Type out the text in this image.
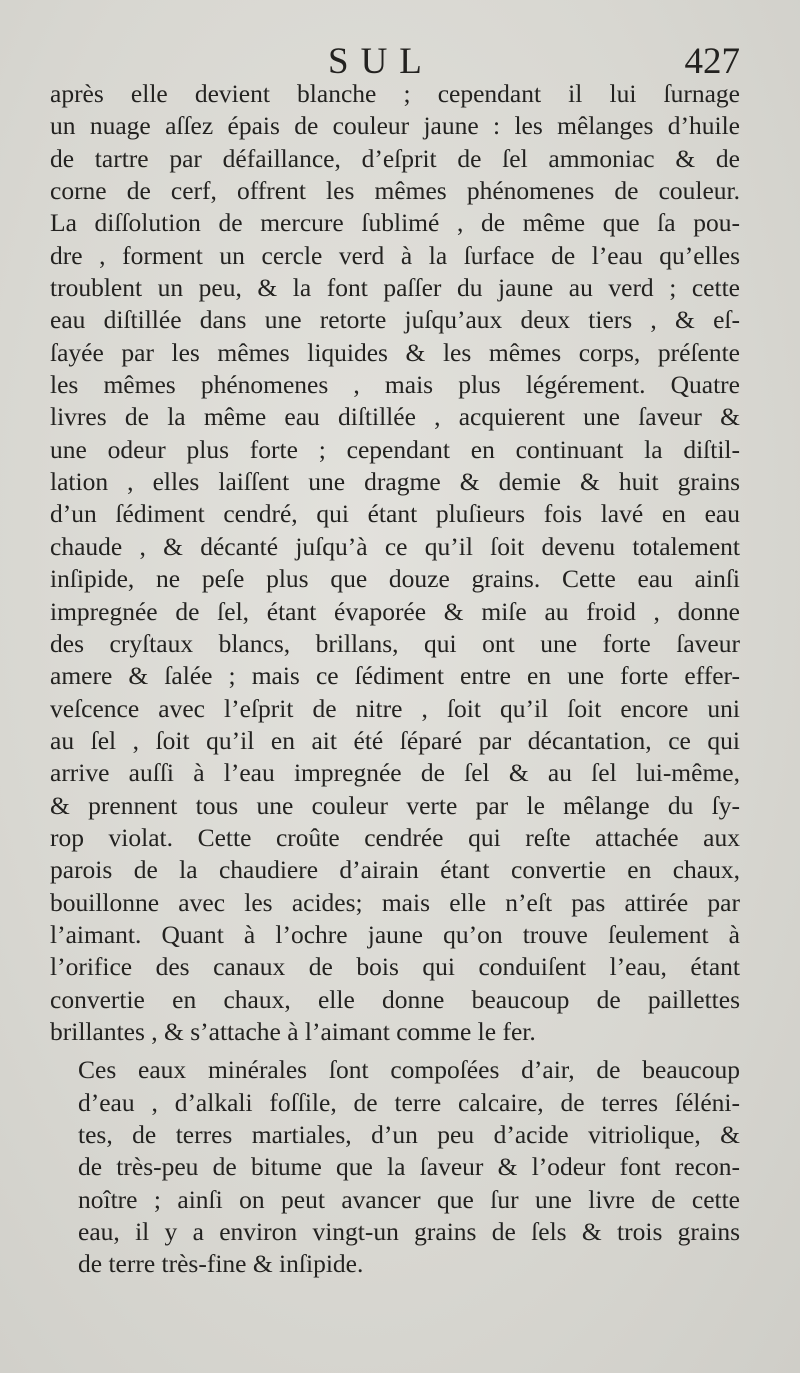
SUL	427

après elle devient blanche ; cependant il lui ſurnage
un nuage aſſez épais de couleur jaune : les mêlanges d’huile
de tartre par défaillance, d’eſprit de ſel ammoniac & de
corne de cerf, offrent les mêmes phénomenes de couleur.
La diſſolution de mercure ſublimé , de même que ſa pou-
dre , forment un cercle verd à la ſurface de l’eau qu’elles
troublent un peu, & la font paſſer du jaune au verd ; cette
eau diſtillée dans une retorte juſqu’aux deux tiers , & eſ-
ſayée par les mêmes liquides & les mêmes corps, préſente
les mêmes phénomenes , mais plus légérement. Quatre
livres de la même eau diſtillée , acquierent une ſaveur &
une odeur plus forte ; cependant en continuant la diſtil-
lation , elles laiſſent une dragme & demie & huit grains
d’un ſédiment cendré, qui étant pluſieurs fois lavé en eau
chaude , & décanté juſqu’à ce qu’il ſoit devenu totalement
inſipide, ne peſe plus que douze grains. Cette eau ainſi
impregnée de ſel, étant évaporée & miſe au froid , donne
des cryſtaux blancs, brillans, qui ont une forte ſaveur
amere & ſalée ; mais ce ſédiment entre en une forte effer-
veſcence avec l’eſprit de nitre , ſoit qu’il ſoit encore uni
au ſel , ſoit qu’il en ait été ſéparé par décantation, ce qui
arrive auſſi à l’eau impregnée de ſel & au ſel lui-même,
& prennent tous une couleur verte par le mêlange du ſy-
rop violat. Cette croûte cendrée qui reſte attachée aux
parois de la chaudiere d’airain étant convertie en chaux,
bouillonne avec les acides; mais elle n’eſt pas attirée par
l’aimant. Quant à l’ochre jaune qu’on trouve ſeulement à
l’orifice des canaux de bois qui conduiſent l’eau, étant
convertie en chaux, elle donne beaucoup de paillettes
brillantes , & s’attache à l’aimant comme le fer.

Ces eaux minérales ſont compoſées d’air, de beaucoup
d’eau , d’alkali foſſile, de terre calcaire, de terres ſéléni-
tes, de terres martiales, d’un peu d’acide vitriolique, &
de très-peu de bitume que la ſaveur & l’odeur font recon-
noître ; ainſi on peut avancer que ſur une livre de cette
eau, il y a environ vingt-un grains de ſels & trois grains
de terre très-fine & inſipide.
